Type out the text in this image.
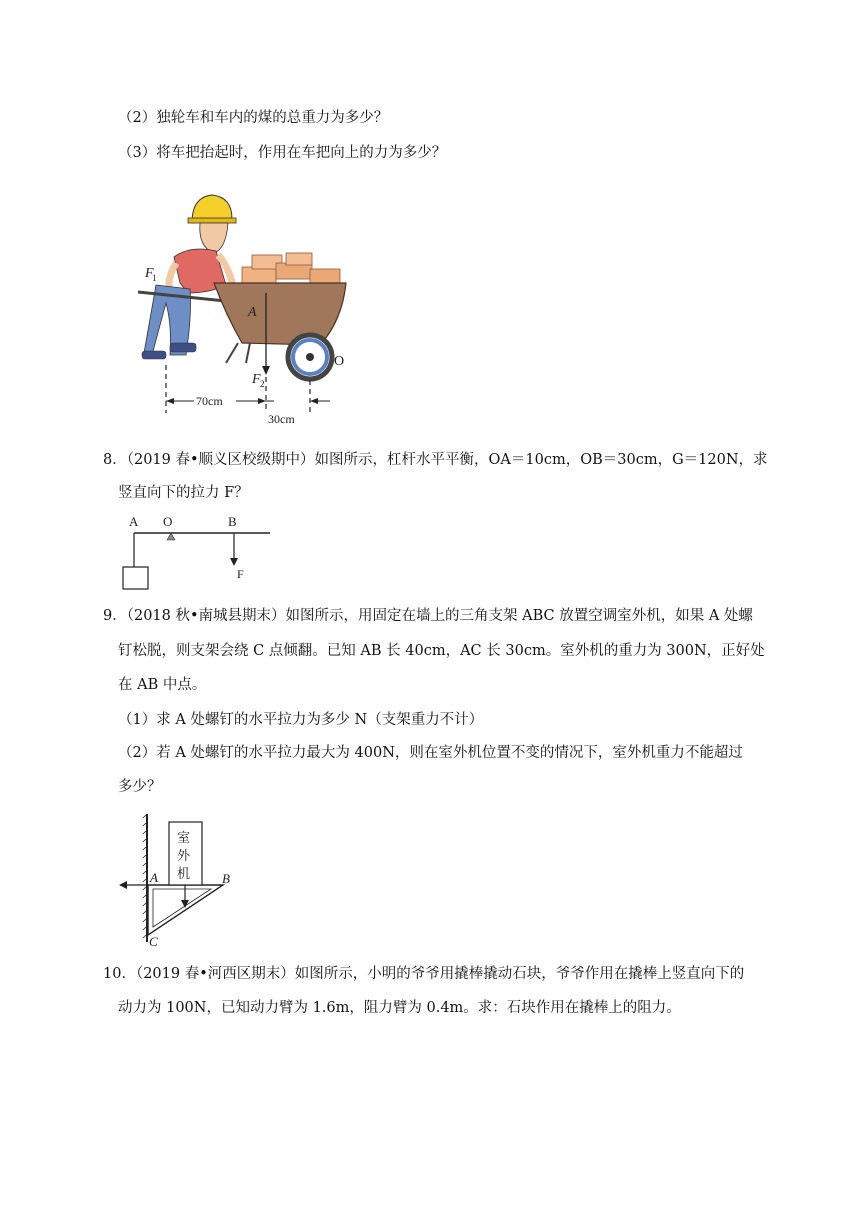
（2）独轮车和车内的煤的总重力为多少？
（3）将车把抬起时，作用在车把向上的力为多少？
F
1
A
F 2
O
70cm
30cm
8．（2019 春•顺义区校级期中）如图所示，杠杆水平平衡，OA＝10cm，OB＝30cm，G＝120N，求
竖直向下的拉力 F？
A O	B
F
9．（2018 秋•南城县期末）如图所示，用固定在墙上的三角支架 ABC 放置空调室外机，如果 A 处螺
钉松脱，则支架会绕 C 点倾翻。已知 AB 长 40cm，AC 长 30cm。室外机的重力为 300N，正好处
在 AB 中点。
（1）求 A 处螺钉的水平拉力为多少 N（支架重力不计）
（2）若 A 处螺钉的水平拉力最大为 400N，则在室外机位置不变的情况下，室外机重力不能超过
多少？
室
外
机
A	B
C
10．（2019 春•河西区期末）如图所示，小明的爷爷用撬棒撬动石块，爷爷作用在撬棒上竖直向下的
动力为 100N，已知动力臂为 1.6m，阻力臂为 0.4m。求：石块作用在撬棒上的阻力。
